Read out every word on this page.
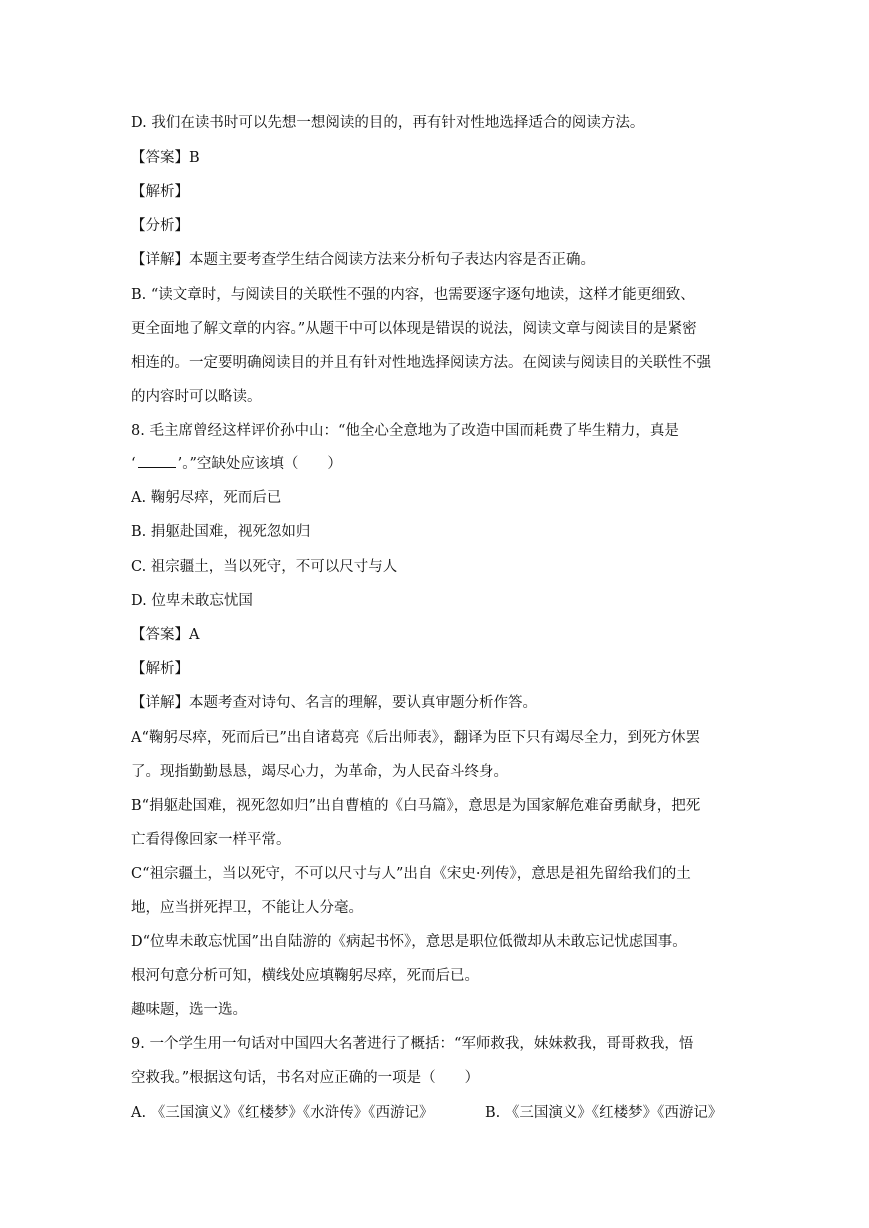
D. 我们在读书时可以先想一想阅读的目的，再有针对性地选择适合的阅读方法。
【答案】B
【解析】
【分析】
【详解】本题主要考查学生结合阅读方法来分析句子表达内容是否正确。
B. “读文章时，与阅读目的关联性不强的内容，也需要逐字逐句地读，这样才能更细致、
更全面地了解文章的内容。”从题干中可以体现是错误的说法，阅读文章与阅读目的是紧密
相连的。一定要明确阅读目的并且有针对性地选择阅读方法。在阅读与阅读目的关联性不强
的内容时可以略读。
8. 毛主席曾经这样评价孙中山：“他全心全意地为了改造中国而耗费了毕生精力，真是
‘	’。”空缺处应该填（　　）
A. 鞠躬尽瘁，死而后已
B. 捐躯赴国难，视死忽如归
C. 祖宗疆土，当以死守，不可以尺寸与人
D. 位卑未敢忘忧国
【答案】A
【解析】
【详解】本题考查对诗句、名言的理解，要认真审题分析作答。
A“鞠躬尽瘁，死而后已”出自诸葛亮《后出师表》，翻译为臣下只有竭尽全力，到死方休罢
了。现指勤勤恳恳，竭尽心力，为革命，为人民奋斗终身。
B“捐躯赴国难，视死忽如归”出自曹植的《白马篇》，意思是为国家解危难奋勇献身，把死
亡看得像回家一样平常。
C“祖宗疆土，当以死守，不可以尺寸与人”出自《宋史·列传》，意思是祖先留给我们的土
地，应当拼死捍卫，不能让人分毫。
D“位卑未敢忘忧国”出自陆游的《病起书怀》，意思是职位低微却从未敢忘记忧虑国事。
根河句意分析可知，横线处应填鞠躬尽瘁，死而后已。
趣味题，选一选。
9. 一个学生用一句话对中国四大名著进行了概括：“军师救我，妹妹救我，哥哥救我，悟
空救我。”根据这句话，书名对应正确的一项是（　　）
A. 《三国演义》《红楼梦》《水浒传》《西游记》	B. 《三国演义》《红楼梦》《西游记》
